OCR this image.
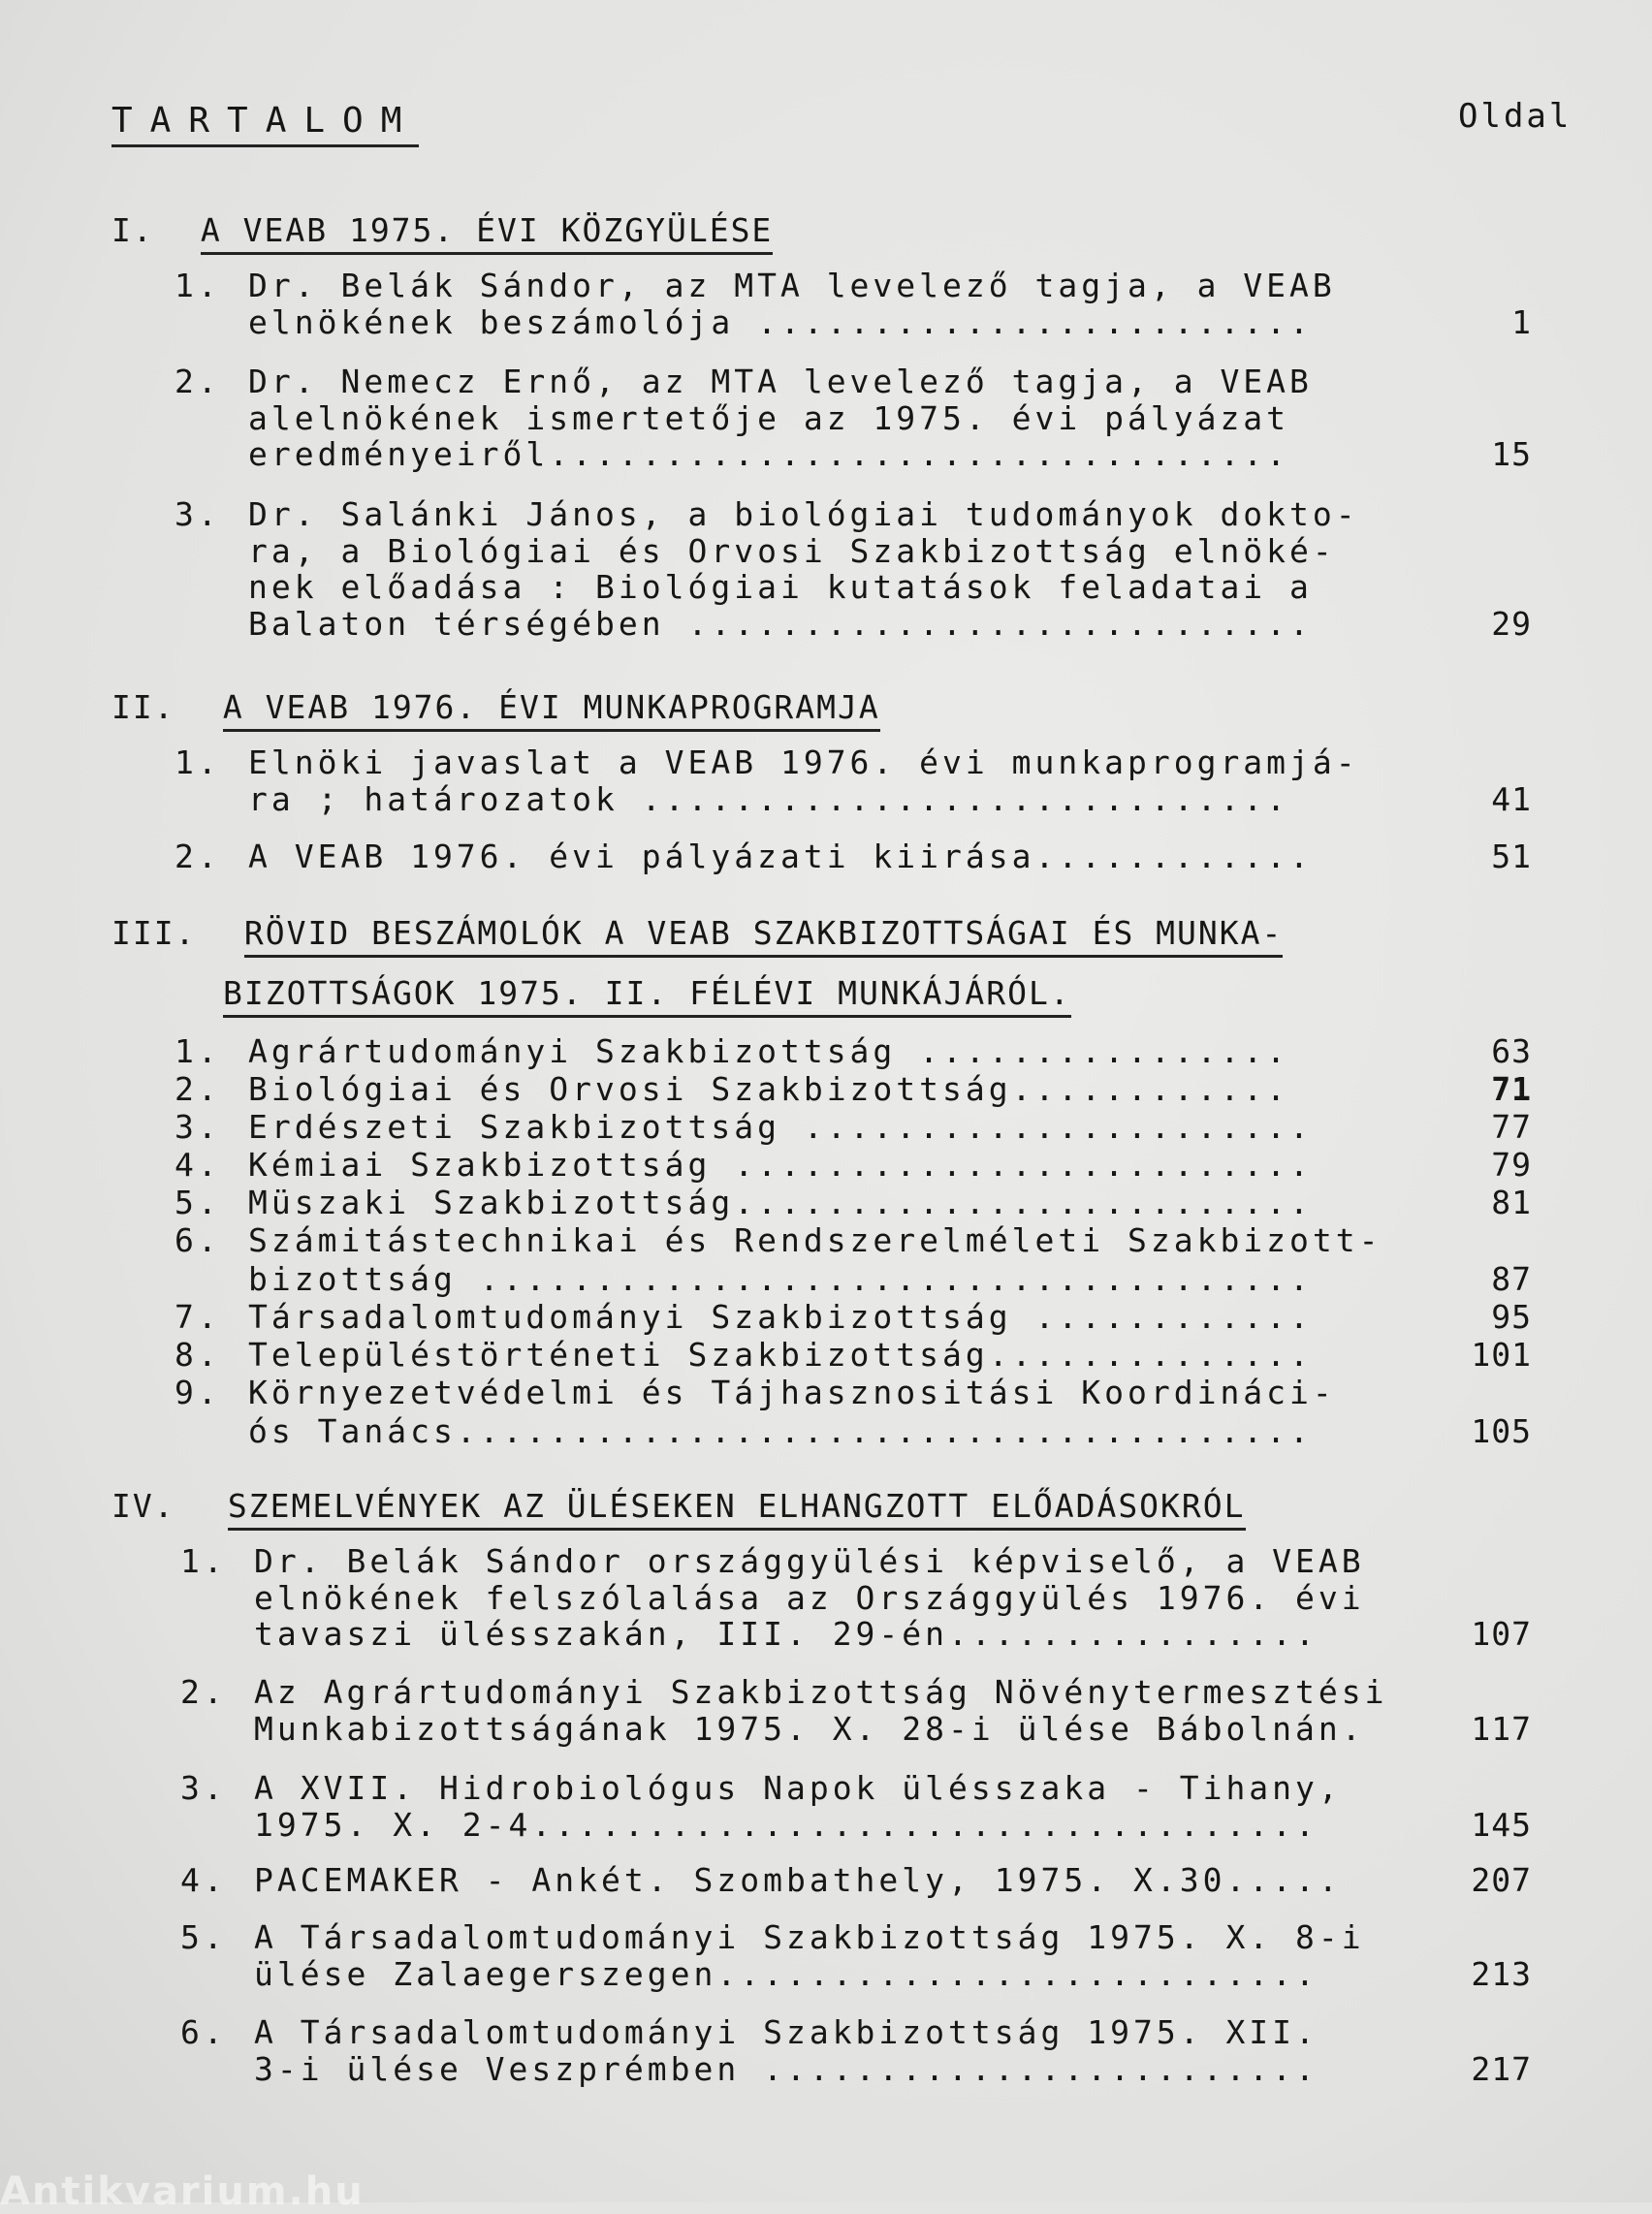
TARTALOM	Oldal
I. A VEAB 1975. ÉVI KÖZGYÜLÉSE
1. Dr. Belák Sándor, az MTA levelező tagja, a VEAB
elnökének beszámolója ........................	1
2. Dr. Nemecz Ernő, az MTA levelező tagja, a VEAB
alelnökének ismertetője az 1975. évi pályázat
eredményeiről................................	15
3. Dr. Salánki János, a biológiai tudományok dokto-
ra, a Biológiai és Orvosi Szakbizottság elnöké-
nek előadása : Biológiai kutatások feladatai a
Balaton térségében ...........................	29
II. A VEAB 1976. ÉVI MUNKAPROGRAMJA
1. Elnöki javaslat a VEAB 1976. évi munkaprogramjá-
ra ; határozatok ............................	41
2. A VEAB 1976. évi pályázati kiirása............	51
III. RÖVID BESZÁMOLÓK A VEAB SZAKBIZOTTSÁGAI ÉS MUNKA-
BIZOTTSÁGOK 1975. II. FÉLÉVI MUNKÁJÁRÓL.
1. Agrártudományi Szakbizottság ................	63
2. Biológiai és Orvosi Szakbizottság............	71
3. Erdészeti Szakbizottság ......................	77
4. Kémiai Szakbizottság .........................	79
5. Müszaki Szakbizottság.........................	81
6. Számitástechnikai és Rendszerelméleti Szakbizott-
bizottság ....................................	87
7. Társadalomtudományi Szakbizottság ............	95
8. Településtörténeti Szakbizottság..............	101
9. Környezetvédelmi és Tájhasznositási Koordináci-
ós Tanács.....................................	105
IV. SZEMELVÉNYEK AZ ÜLÉSEKEN ELHANGZOTT ELŐADÁSOKRÓL
1. Dr. Belák Sándor országgyülési képviselő, a VEAB
elnökének felszólalása az Országgyülés 1976. évi
tavaszi ülésszakán, III. 29-én................	107
2. Az Agrártudományi Szakbizottság Növénytermesztési
Munkabizottságának 1975. X. 28-i ülése Bábolnán.	117
3. A XVII. Hidrobiológus Napok ülésszaka - Tihany,
1975. X. 2-4..................................	145
4. PACEMAKER - Ankét. Szombathely, 1975. X.30.....	207
5. A Társadalomtudományi Szakbizottság 1975. X. 8-i
ülése Zalaegerszegen..........................	213
6. A Társadalomtudományi Szakbizottság 1975. XII.
3-i ülése Veszprémben ........................	217
Antikvarium.hu
